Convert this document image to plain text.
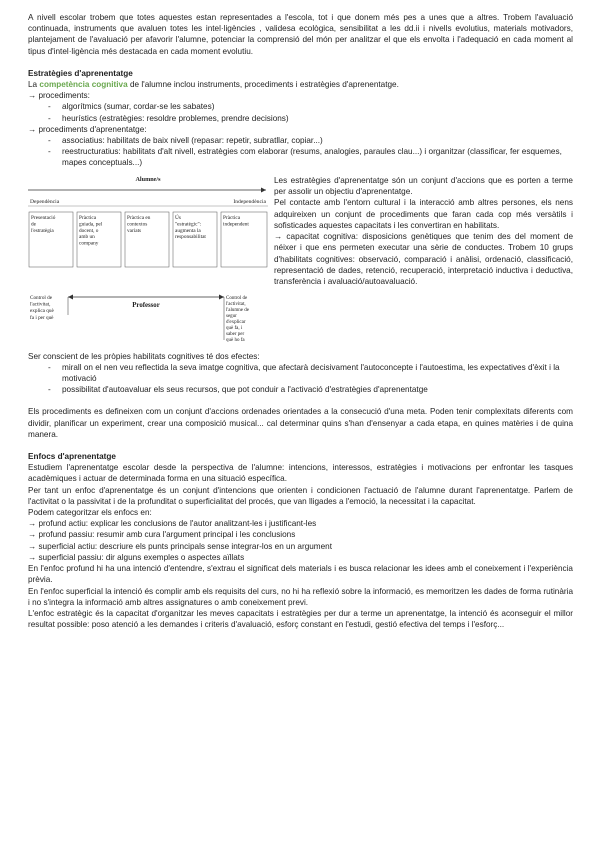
A nivell escolar trobem que totes aquestes estan representades a l'escola, tot i que donem més pes a unes que a altres. Trobem l'avaluació continuada, instruments que avaluen totes les intel·ligències , validesa ecològica, sensibilitat a les dd.ii i nivells evolutius, materials motivadors, plantejament de l'avaluació per afavorir l'alumne, potenciar la comprensió del món per analitzar el que els envolta i l'adequació en cada moment al tipus d'intel·ligència més destacada en cada moment evolutiu.

Estratègies d'aprenentatge

La competència cognitiva de l'alumne inclou instruments, procediments i estratègies d'aprenentatge.

→ procediments:

- algorítmics (sumar, cordar-se les sabates)
- heurístics (estratègies: resoldre problemes, prendre decisions)

→ procediments d'aprenentatge:

- associatius: habilitats de baix nivell (repasar: repetir, subratllar, copiar...)
- reestructuratius: habilitats d'alt nivell, estratègies com elaborar (resums, analogies, paraules clau...) i organitzar (classificar, fer esquemes, mapes conceptuals...)
Alumne/s
Dependència	Independència
Presentació de l'estratègia
Pràctica guiada, pel docent, o amb un company
Pràctica en contextos variats
Ús "estratègic": augmenta la responsabilitat
Pràctica independent
Professor
Control de l'activitat, explica què fa i per què
Control de l'activitat, l'alumne de segur d'explicar què fa, i saber per què ho fa

Les estratègies d'aprenentatge són un conjunt d'accions que es porten a terme per assolir un objectiu d'aprenentatge.

Pel contacte amb l'entorn cultural i la interacció amb altres persones, els nens adquireixen un conjunt de procediments que faran cada cop més versàtils i sofisticades aquestes capacitats i les convertiran en habilitats.

→ capacitat cognitiva: disposicions genètiques que tenim des del moment de néixer i que ens permeten executar una sèrie de conductes. Trobem 10 grups d'habilitats cognitives: observació, comparació i anàlisi, ordenació, classificació, representació de dades, retenció, recuperació, interpretació inductiva i deductiva, transferència i avaluació/autoavaluació.

Ser conscient de les pròpies habilitats cognitives té dos efectes:

- mirall on el nen veu reflectida la seva imatge cognitiva, que afectarà decisivament l'autoconcepte i l'autoestima, les expectatives d'èxit i la motivació
- possibilitat d'autoavaluar els seus recursos, que pot conduir a l'activació d'estratègies d'aprenentatge

Els procediments es defineixen com un conjunt d'accions ordenades orientades a la consecució d'una meta. Poden tenir complexitats diferents com dividir, planificar un experiment, crear una composició musical... cal determinar quins s'han d'ensenyar a cada etapa, en quines matèries i de quina manera.

Enfocs d'aprenentatge

Estudiem l'aprenentatge escolar desde la perspectiva de l'alumne: intencions, interessos, estratègies i motivacions per enfrontar les tasques acadèmiques i actuar de determinada forma en una situació específica.

Per tant un enfoc d'aprenentatge és un conjunt d'intencions que orienten i condicionen l'actuació de l'alumne durant l'aprenentatge. Parlem de l'activitat o la passivitat i de la profunditat o superficialitat del procés, que van lligades a l'emoció, la necessitat i la capacitat.

Podem categoritzar els enfocs en:

→ profund actiu: explicar les conclusions de l'autor analitzant-les i justificant-les

→ profund passiu: resumir amb cura l'argument principal i les conclusions

→ superficial actiu: descriure els punts principals sense integrar-los en un argument

→ superficial passiu: dir alguns exemples o aspectes aïllats

En l'enfoc profund hi ha una intenció d'entendre, s'extrau el significat dels materials i es busca relacionar les idees amb el coneixement i l'experiència prèvia.

En l'enfoc superficial la intenció és complir amb els requisits del curs, no hi ha reflexió sobre la informació, es memoritzen les dades de forma rutinària i no s'integra la informació amb altres assignatures o amb coneixement previ.

L'enfoc estratègic és la capacitat d'organitzar les meves capacitats i estratègies per dur a terme un aprenentatge, la intenció és aconseguir el millor resultat possible: poso atenció a les demandes i criteris d'avaluació, esforç constant en l'estudi, gestió efectiva del temps i l'esforç...
